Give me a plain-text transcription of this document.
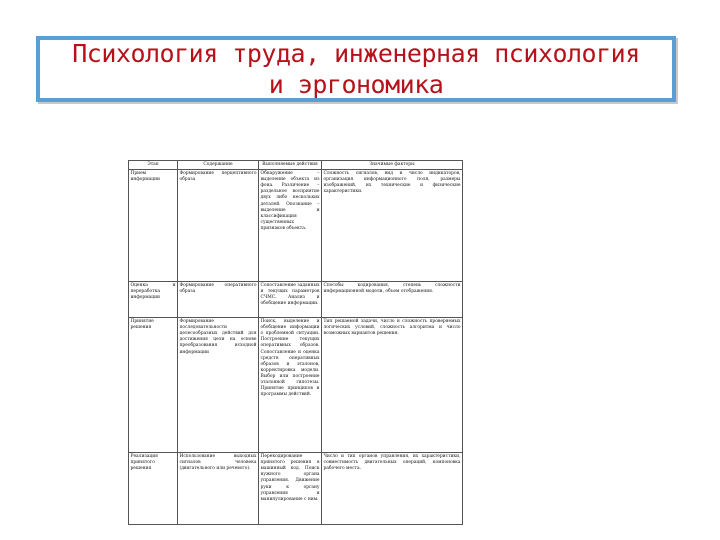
Психология труда, инженерная психология
и эргономика
Этап	Содержание	Выполняемые действия	Значимые факторы
Прием информации	Формирование перцептивного образа	Обнаружение – выделение объекта из фона. Различение – раздельное восприятие двух либо нескольких деталей. Опознание – выделение и классификация существенных признаков объекта.	Сложность сигналов, вид и число индикаторов, организация информационного поля, размеры изображений, их технические и физические характеристики.
Оценка и переработка информации	Формирование оперативного образа	Сопоставление заданных и текущих параметров СЧМС. Анализ и обобщение информации.	Способы кодирования, степень сложности информационной модели, объем отображения.
Принятие решения	Формирование последовательности целесообразных действий для достижения цели на основе преобразования исходной информации	Поиск, выделение и обобщение информации о проблемной ситуации. Построение текущих оперативных образов. Сопоставление и оценка средств оперативных образов и эталонов, корректировка модели. Выбор или построение эталонной гипотезы. Принятие принципов и программы действий.	Тип решаемой задачи, число и сложность проверяемых логических условий, сложность алгоритма и число возможных вариантов решения.
Реализация принятого решения	Использование выходных сигналов человека (двигательного или речевого).	Перекодирование принятого решения в машинный код. Поиск нужного органа управления. Движение руки к органу управления и манипулирование с ним.	Число и тип органов управления, их характеристики, совместимость двигательных операций, компоновка рабочего места.
